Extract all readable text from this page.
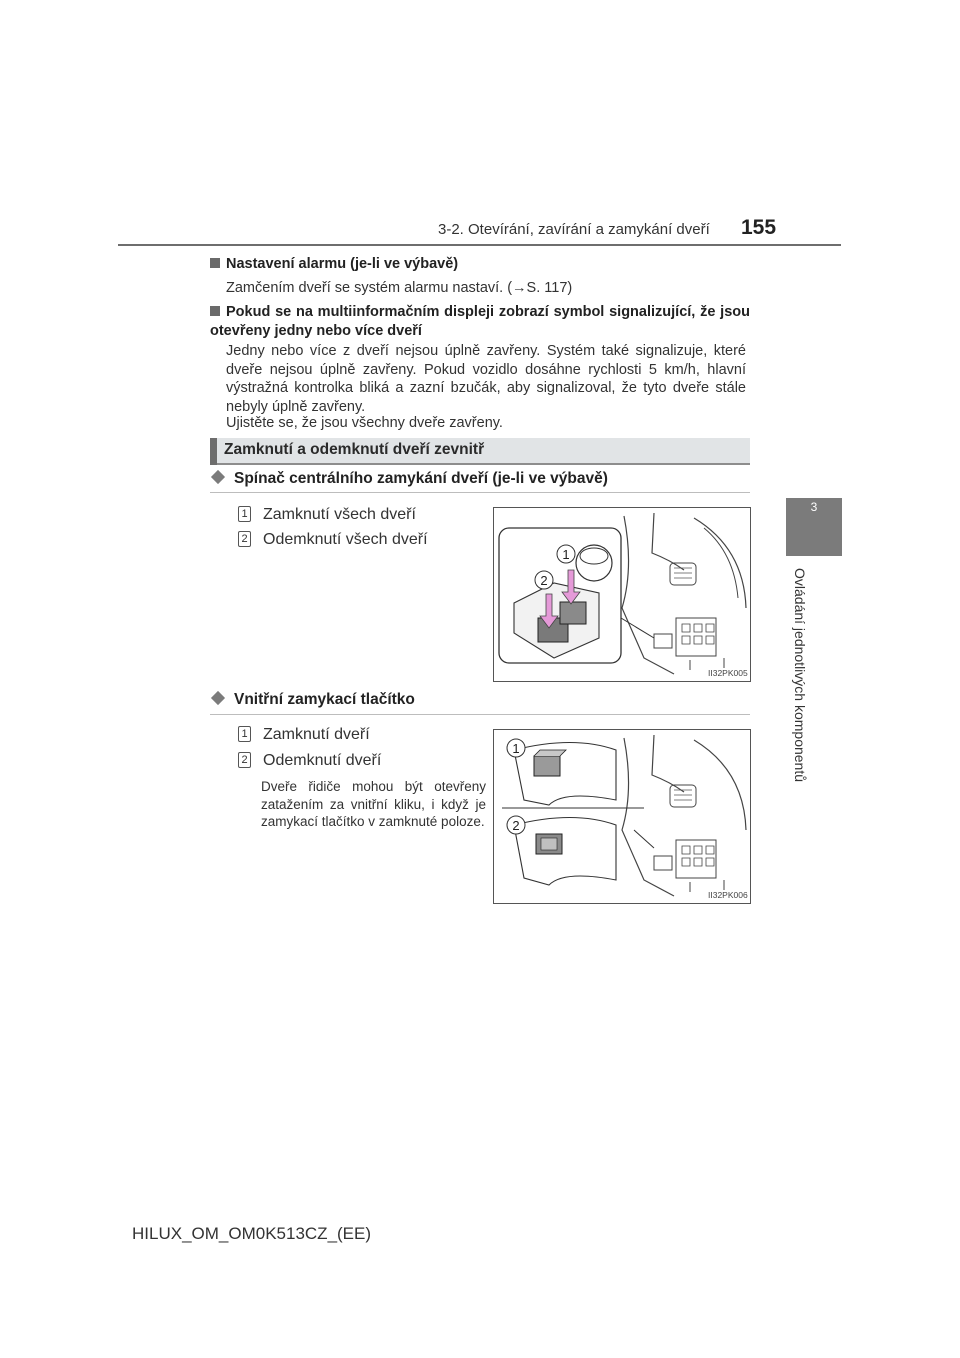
3-2. Otevírání, zavírání a zamykání dveří 155
3
Ovládání jednotlivých komponentů
Nastavení alarmu (je-li ve výbavě)
Zamčením dveří se systém alarmu nastaví. (→S. 117)
Pokud se na multiinformačním displeji zobrazí symbol signalizující, že jsou otevřeny jedny nebo více dveří
Jedny nebo více z dveří nejsou úplně zavřeny. Systém také signalizuje, které dveře nejsou úplně zavřeny. Pokud vozidlo dosáhne rychlosti 5 km/h, hlavní výstražná kontrolka bliká a zazní bzučák, aby signalizoval, že tyto dveře stále nebyly úplně zavřeny.
Ujistěte se, že jsou všechny dveře zavřeny.
Zamknutí a odemknutí dveří zevnitř
Spínač centrálního zamykání dveří (je-li ve výbavě)
1 Zamknutí všech dveří
2 Odemknutí všech dveří
1
2
II32PK005
Vnitřní zamykací tlačítko
1 Zamknutí dveří
2 Odemknutí dveří
Dveře řidiče mohou být otevřeny zatažením za vnitřní kliku, i když je zamykací tlačítko v zamknuté poloze.
1
2
II32PK006
HILUX_OM_OM0K513CZ_(EE)
